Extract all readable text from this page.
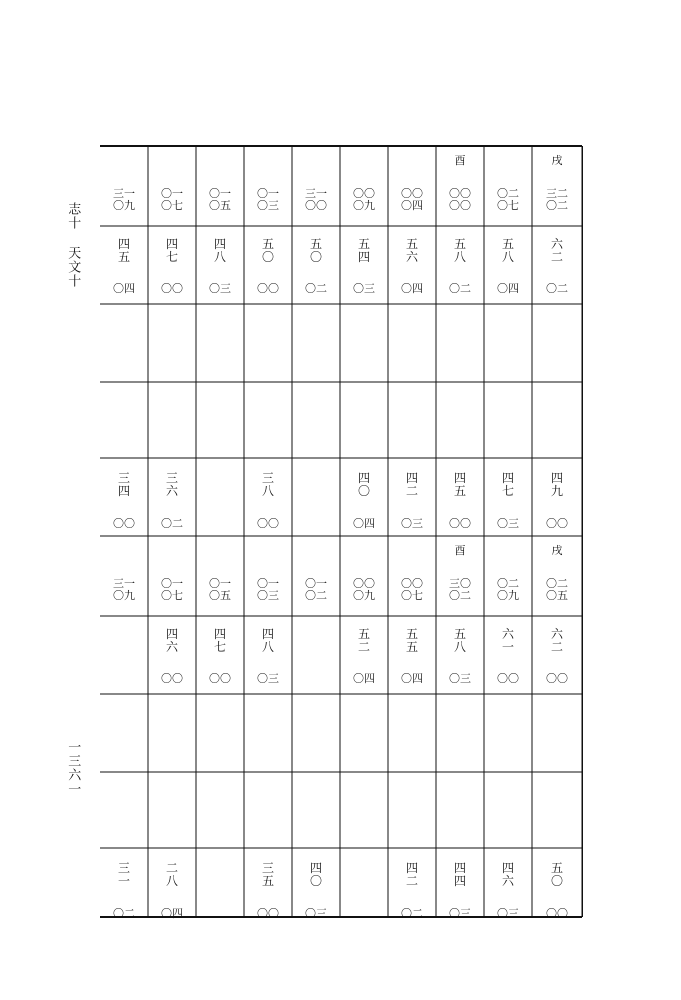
志十 天文十
一三六一
三一
〇九
四
五
〇四
三
四
〇〇
〇一
〇七
四
七
〇〇
三
六
〇二
〇一
〇五
四
八
〇三
〇一
〇三
五
〇
〇〇
三
八
〇〇
三一
〇〇
五
〇
〇二
〇〇
〇九
五
四
〇三
四
〇
〇四
〇〇
〇四
五
六
〇四
四
二
〇三
酉
〇〇
〇〇
五
八
〇二
四
五
〇〇
〇二
〇七
五
八
〇四
四
七
〇三
戌
三二
〇二
六
二
〇二
四
九
〇〇
三一
〇九
三
一
〇二
〇一
〇七
四
六
〇〇
二
八
〇四
〇一
〇五
四
七
〇〇
〇一
〇三
四
八
〇三
三
五
〇〇
〇一
〇二
四
〇
〇三
〇〇
〇九
五
二
〇四
〇〇
〇七
五
五
〇四
四
二
〇二
酉
三〇
〇二
五
八
〇三
四
四
〇三
〇二
〇九
六
一
〇〇
四
六
〇三
戌
〇二
〇五
六
二
〇〇
五
〇
〇〇
